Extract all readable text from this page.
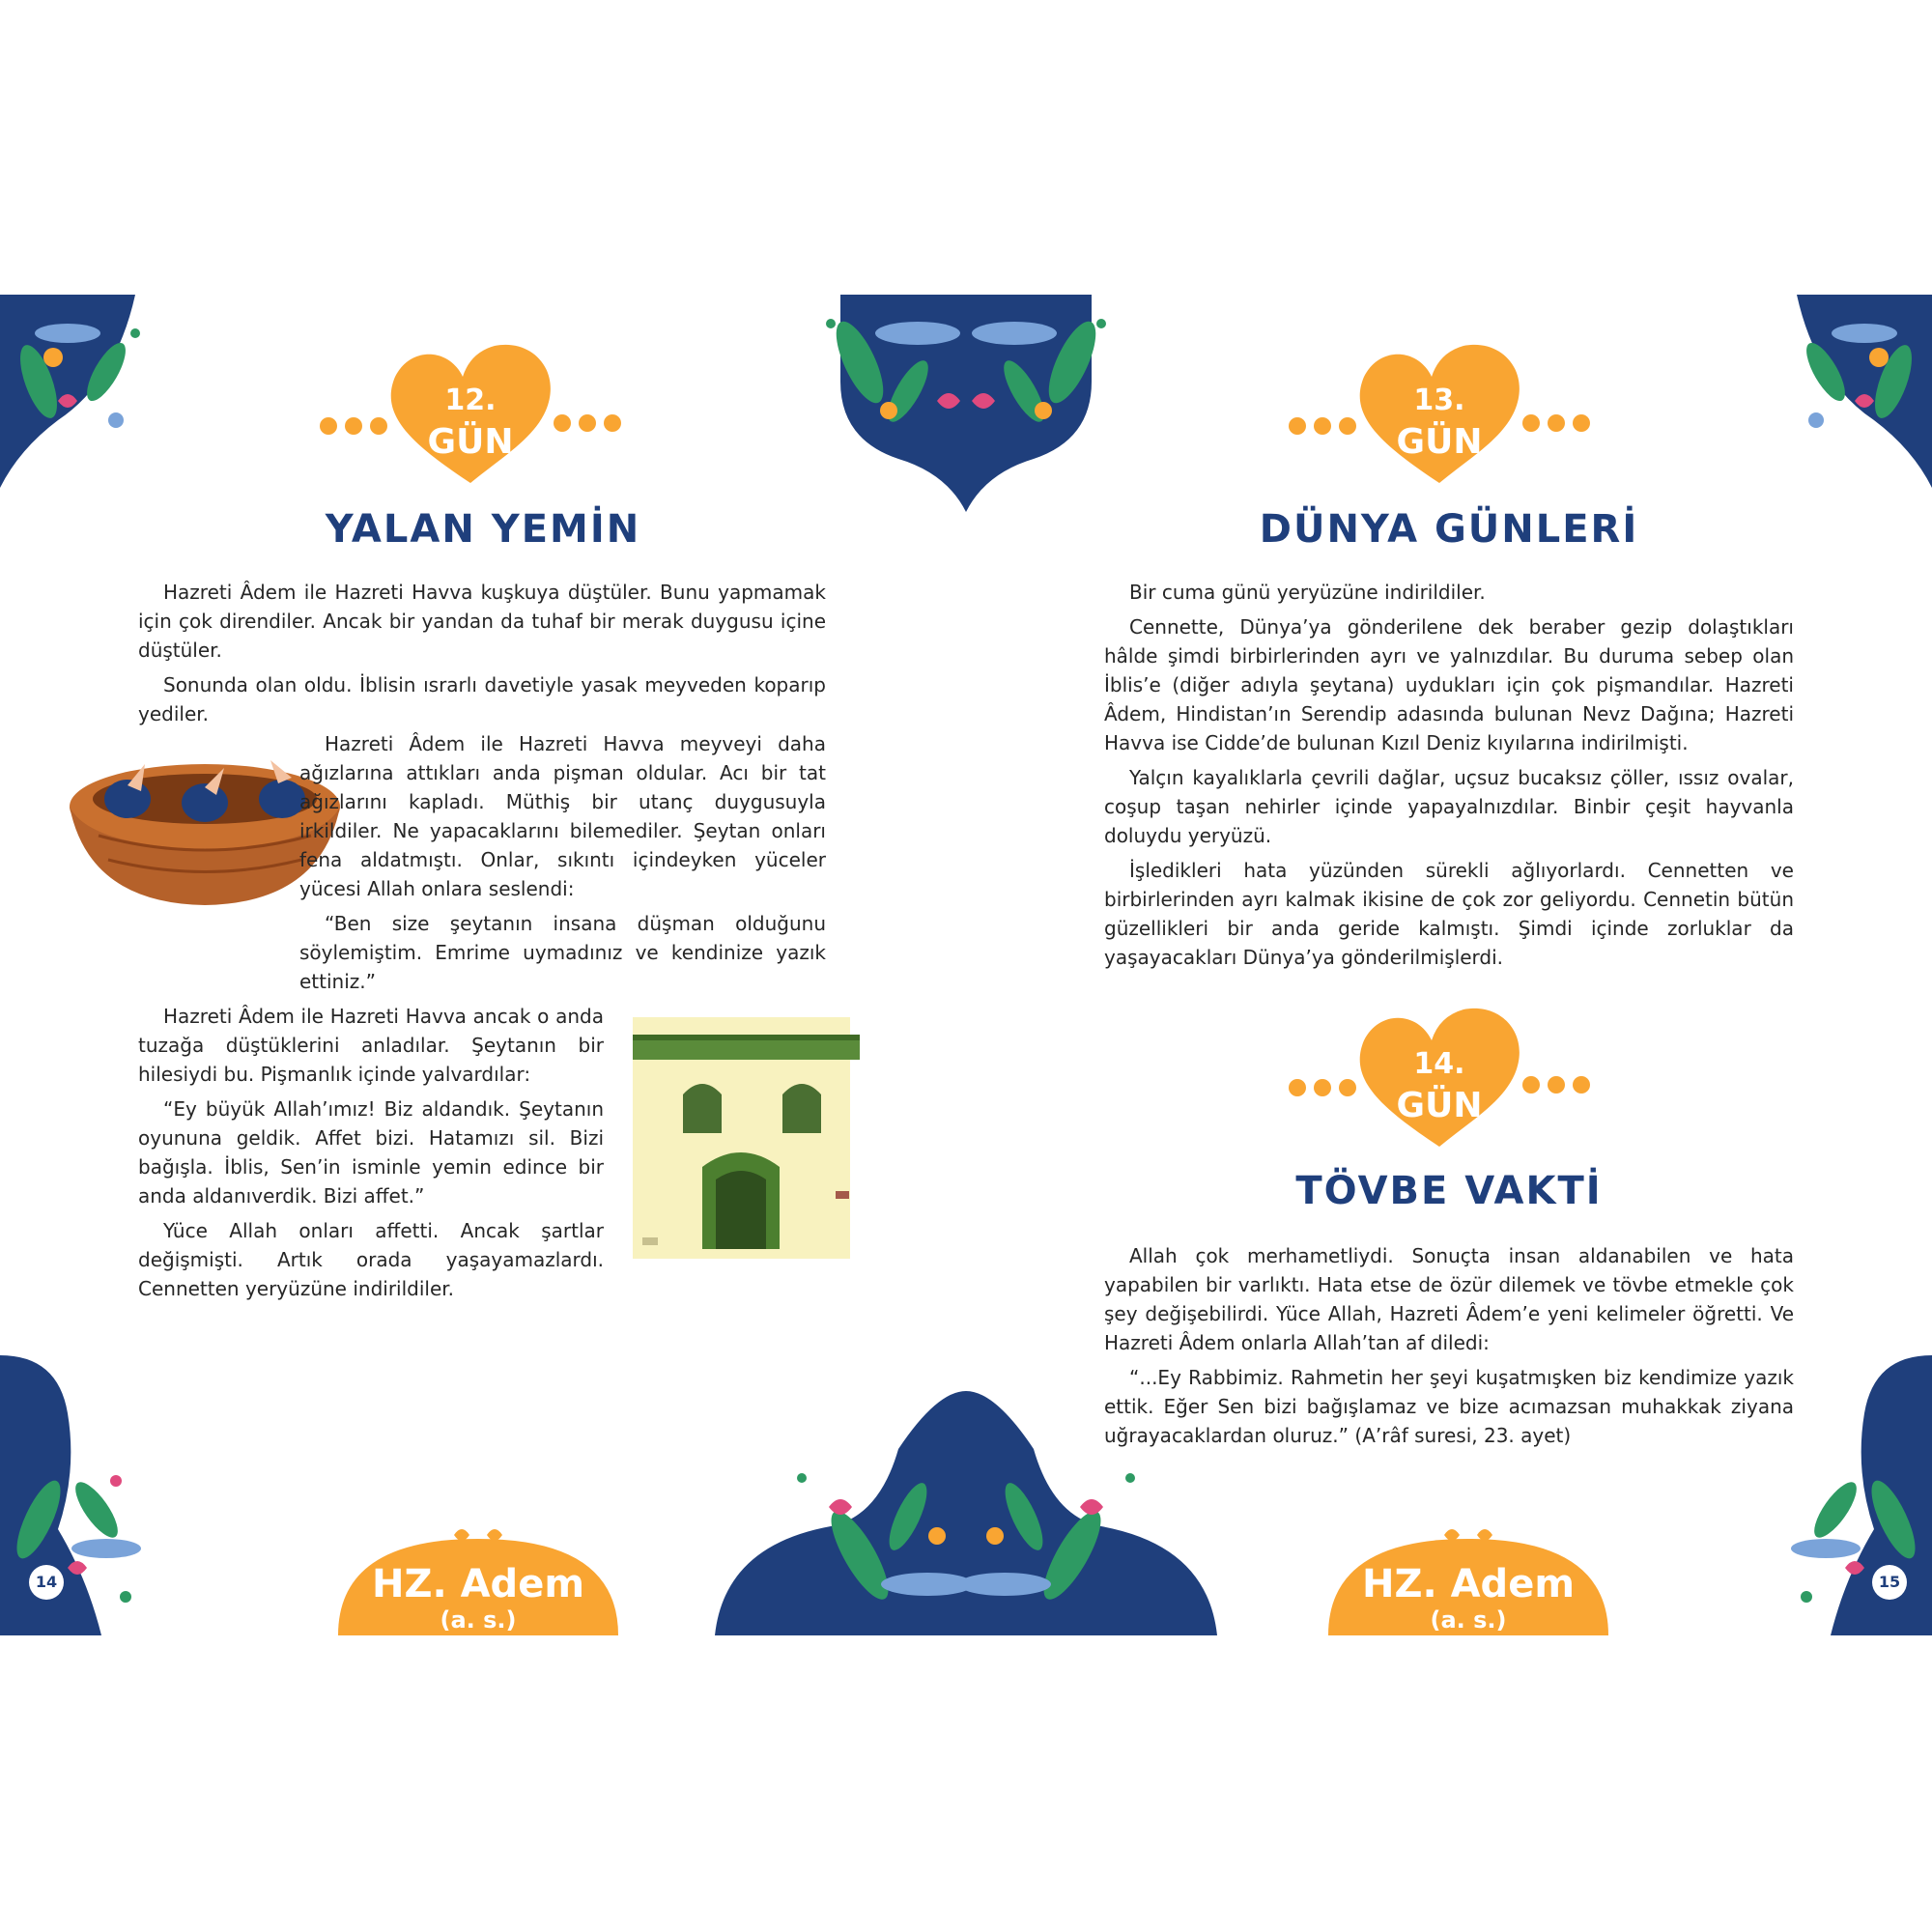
12.
GÜN
YALAN YEMİN

Hazreti Âdem ile Hazreti Havva kuşkuya düştüler. Bunu yapmamak için çok direndiler. Ancak bir yandan da tuhaf bir merak duygusu içine düştüler.

Sonunda olan oldu. İblisin ısrarlı davetiyle yasak meyveden koparıp yediler.

Hazreti Âdem ile Hazreti Havva meyveyi daha ağızlarına attıkları anda pişman oldular. Acı bir tat ağızlarını kapladı. Müthiş bir utanç duygusuyla irkildiler. Ne yapacaklarını bilemediler. Şeytan onları fena aldatmıştı. Onlar, sıkıntı içindeyken yüceler yücesi Allah onlara seslendi:

“Ben size şeytanın insana düşman olduğunu söylemiştim. Emrime uymadınız ve kendinize yazık ettiniz.”

Hazreti Âdem ile Hazreti Havva ancak o anda tuzağa düştüklerini anladılar. Şeytanın bir hilesiydi bu. Pişmanlık içinde yalvardılar:

“Ey büyük Allah’ımız! Biz aldandık. Şeytanın oyununa geldik. Affet bizi. Hatamızı sil. Bizi bağışla. İblis, Sen’in isminle yemin edince bir anda aldanıverdik. Bizi affet.”

Yüce Allah onları affetti. Ancak şartlar değişmişti. Artık orada yaşayamazlardı. Cennetten yeryüzüne indirildiler.

HZ. Adem
(a. s.)
14
13.
GÜN
DÜNYA GÜNLERİ

Bir cuma günü yeryüzüne indirildiler.

Cennette, Dünya’ya gönderilene dek beraber gezip dolaştıkları hâlde şimdi birbirlerinden ayrı ve yalnızdılar. Bu duruma sebep olan İblis’e (diğer adıyla şeytana) uydukları için çok pişmandılar. Hazreti Âdem, Hindistan’ın Serendip adasında bulunan Nevz Dağına; Hazreti Havva ise Cidde’de bulunan Kızıl Deniz kıyılarına indirilmişti.

Yalçın kayalıklarla çevrili dağlar, uçsuz bucaksız çöller, ıssız ovalar, coşup taşan nehirler içinde yapayalnızdılar. Binbir çeşit hayvanla doluydu yeryüzü.

İşledikleri hata yüzünden sürekli ağlıyorlardı. Cennetten ve birbirlerinden ayrı kalmak ikisine de çok zor geliyordu. Cennetin bütün güzellikleri bir anda geride kalmıştı. Şimdi içinde zorluklar da yaşayacakları Dünya’ya gönderilmişlerdi.

14.
GÜN
TÖVBE VAKTİ

Allah çok merhametliydi. Sonuçta insan aldanabilen ve hata yapabilen bir varlıktı. Hata etse de özür dilemek ve tövbe etmekle çok şey değişebilirdi. Yüce Allah, Hazreti Âdem’e yeni kelimeler öğretti. Ve Hazreti Âdem onlarla Allah’tan af diledi:

“...Ey Rabbimiz. Rahmetin her şeyi kuşatmışken biz kendimize yazık ettik. Eğer Sen bizi bağışlamaz ve bize acımazsan muhakkak ziyana uğrayacaklardan oluruz.” (A’râf suresi, 23. ayet)

HZ. Adem
(a. s.)
15
